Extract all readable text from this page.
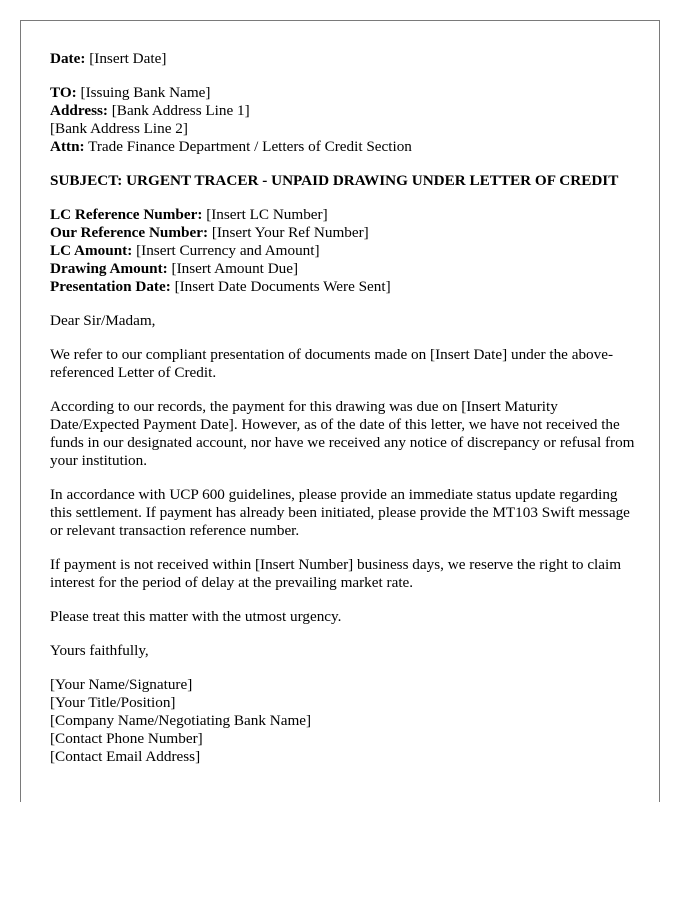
Date: [Insert Date]
TO: [Issuing Bank Name]
Address: [Bank Address Line 1]
[Bank Address Line 2]
Attn: Trade Finance Department / Letters of Credit Section
SUBJECT: URGENT TRACER - UNPAID DRAWING UNDER LETTER OF CREDIT
LC Reference Number: [Insert LC Number]
Our Reference Number: [Insert Your Ref Number]
LC Amount: [Insert Currency and Amount]
Drawing Amount: [Insert Amount Due]
Presentation Date: [Insert Date Documents Were Sent]
Dear Sir/Madam,
We refer to our compliant presentation of documents made on [Insert Date] under the above-referenced Letter of Credit.
According to our records, the payment for this drawing was due on [Insert Maturity Date/Expected Payment Date]. However, as of the date of this letter, we have not received the funds in our designated account, nor have we received any notice of discrepancy or refusal from your institution.
In accordance with UCP 600 guidelines, please provide an immediate status update regarding this settlement. If payment has already been initiated, please provide the MT103 Swift message or relevant transaction reference number.
If payment is not received within [Insert Number] business days, we reserve the right to claim interest for the period of delay at the prevailing market rate.
Please treat this matter with the utmost urgency.
Yours faithfully,
[Your Name/Signature]
[Your Title/Position]
[Company Name/Negotiating Bank Name]
[Contact Phone Number]
[Contact Email Address]
